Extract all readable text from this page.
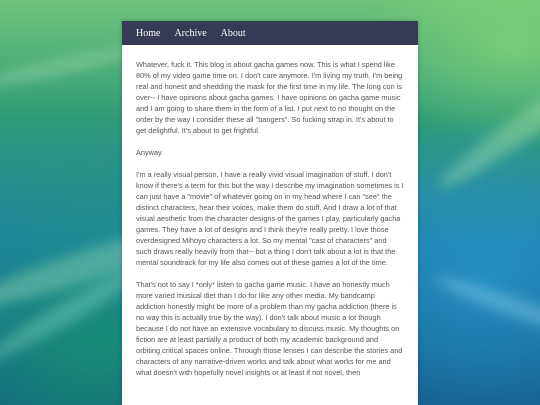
Home Archive About

Whatever, fuck it. This blog is about gacha games now. This is what I spend like 80% of my video game time on. I don't care anymore. I'm living my truth. I'm being real and honest and shedding the mask for the first time in my life. The long con is over-- I have opinions about gacha games. I have opinions on gacha game music and I am going to share them in the form of a list. I put next to no thought on the order by the way I consider these all "bangers". So fucking strap in. It's about to get delightful. It's about to get frightful.

Anyway.

I'm a really visual person, I have a really vivid visual imagination of stuff. I don't know if there's a term for this but the way I describe my imagination sometimes is I can just have a "movie" of whatever going on in my head where I can "see" the distinct characters, hear their voices, make them do stuff. And I draw a lot of that visual aesthetic from the character designs of the games I play, particularly gacha games. They have a lot of designs and I think they're really pretty. I love those overdesigned Mihoyo characters a lot. So my mental "cast of characters" and such draws really heavily from that-- but a thing I don't talk about a lot is that the mental soundtrack for my life also comes out of these games a lot of the time.

That's not to say I *only* listen to gacha game music. I have an honestly much more varied musical diet than I do for like any other media. My bandcamp addiction honestly might be more of a problem than my gacha addiction (there is no way this is actually true by the way). I don't talk about music a lot though because I do not have an extensive vocabulary to discuss music. My thoughts on fiction are at least partially a product of both my academic background and orbiting critical spaces online. Through those lenses I can describe the stories and characters of any narrative-driven works and talk about what works for me and what doesn't with hopefully novel insights or at least if not novel, then
